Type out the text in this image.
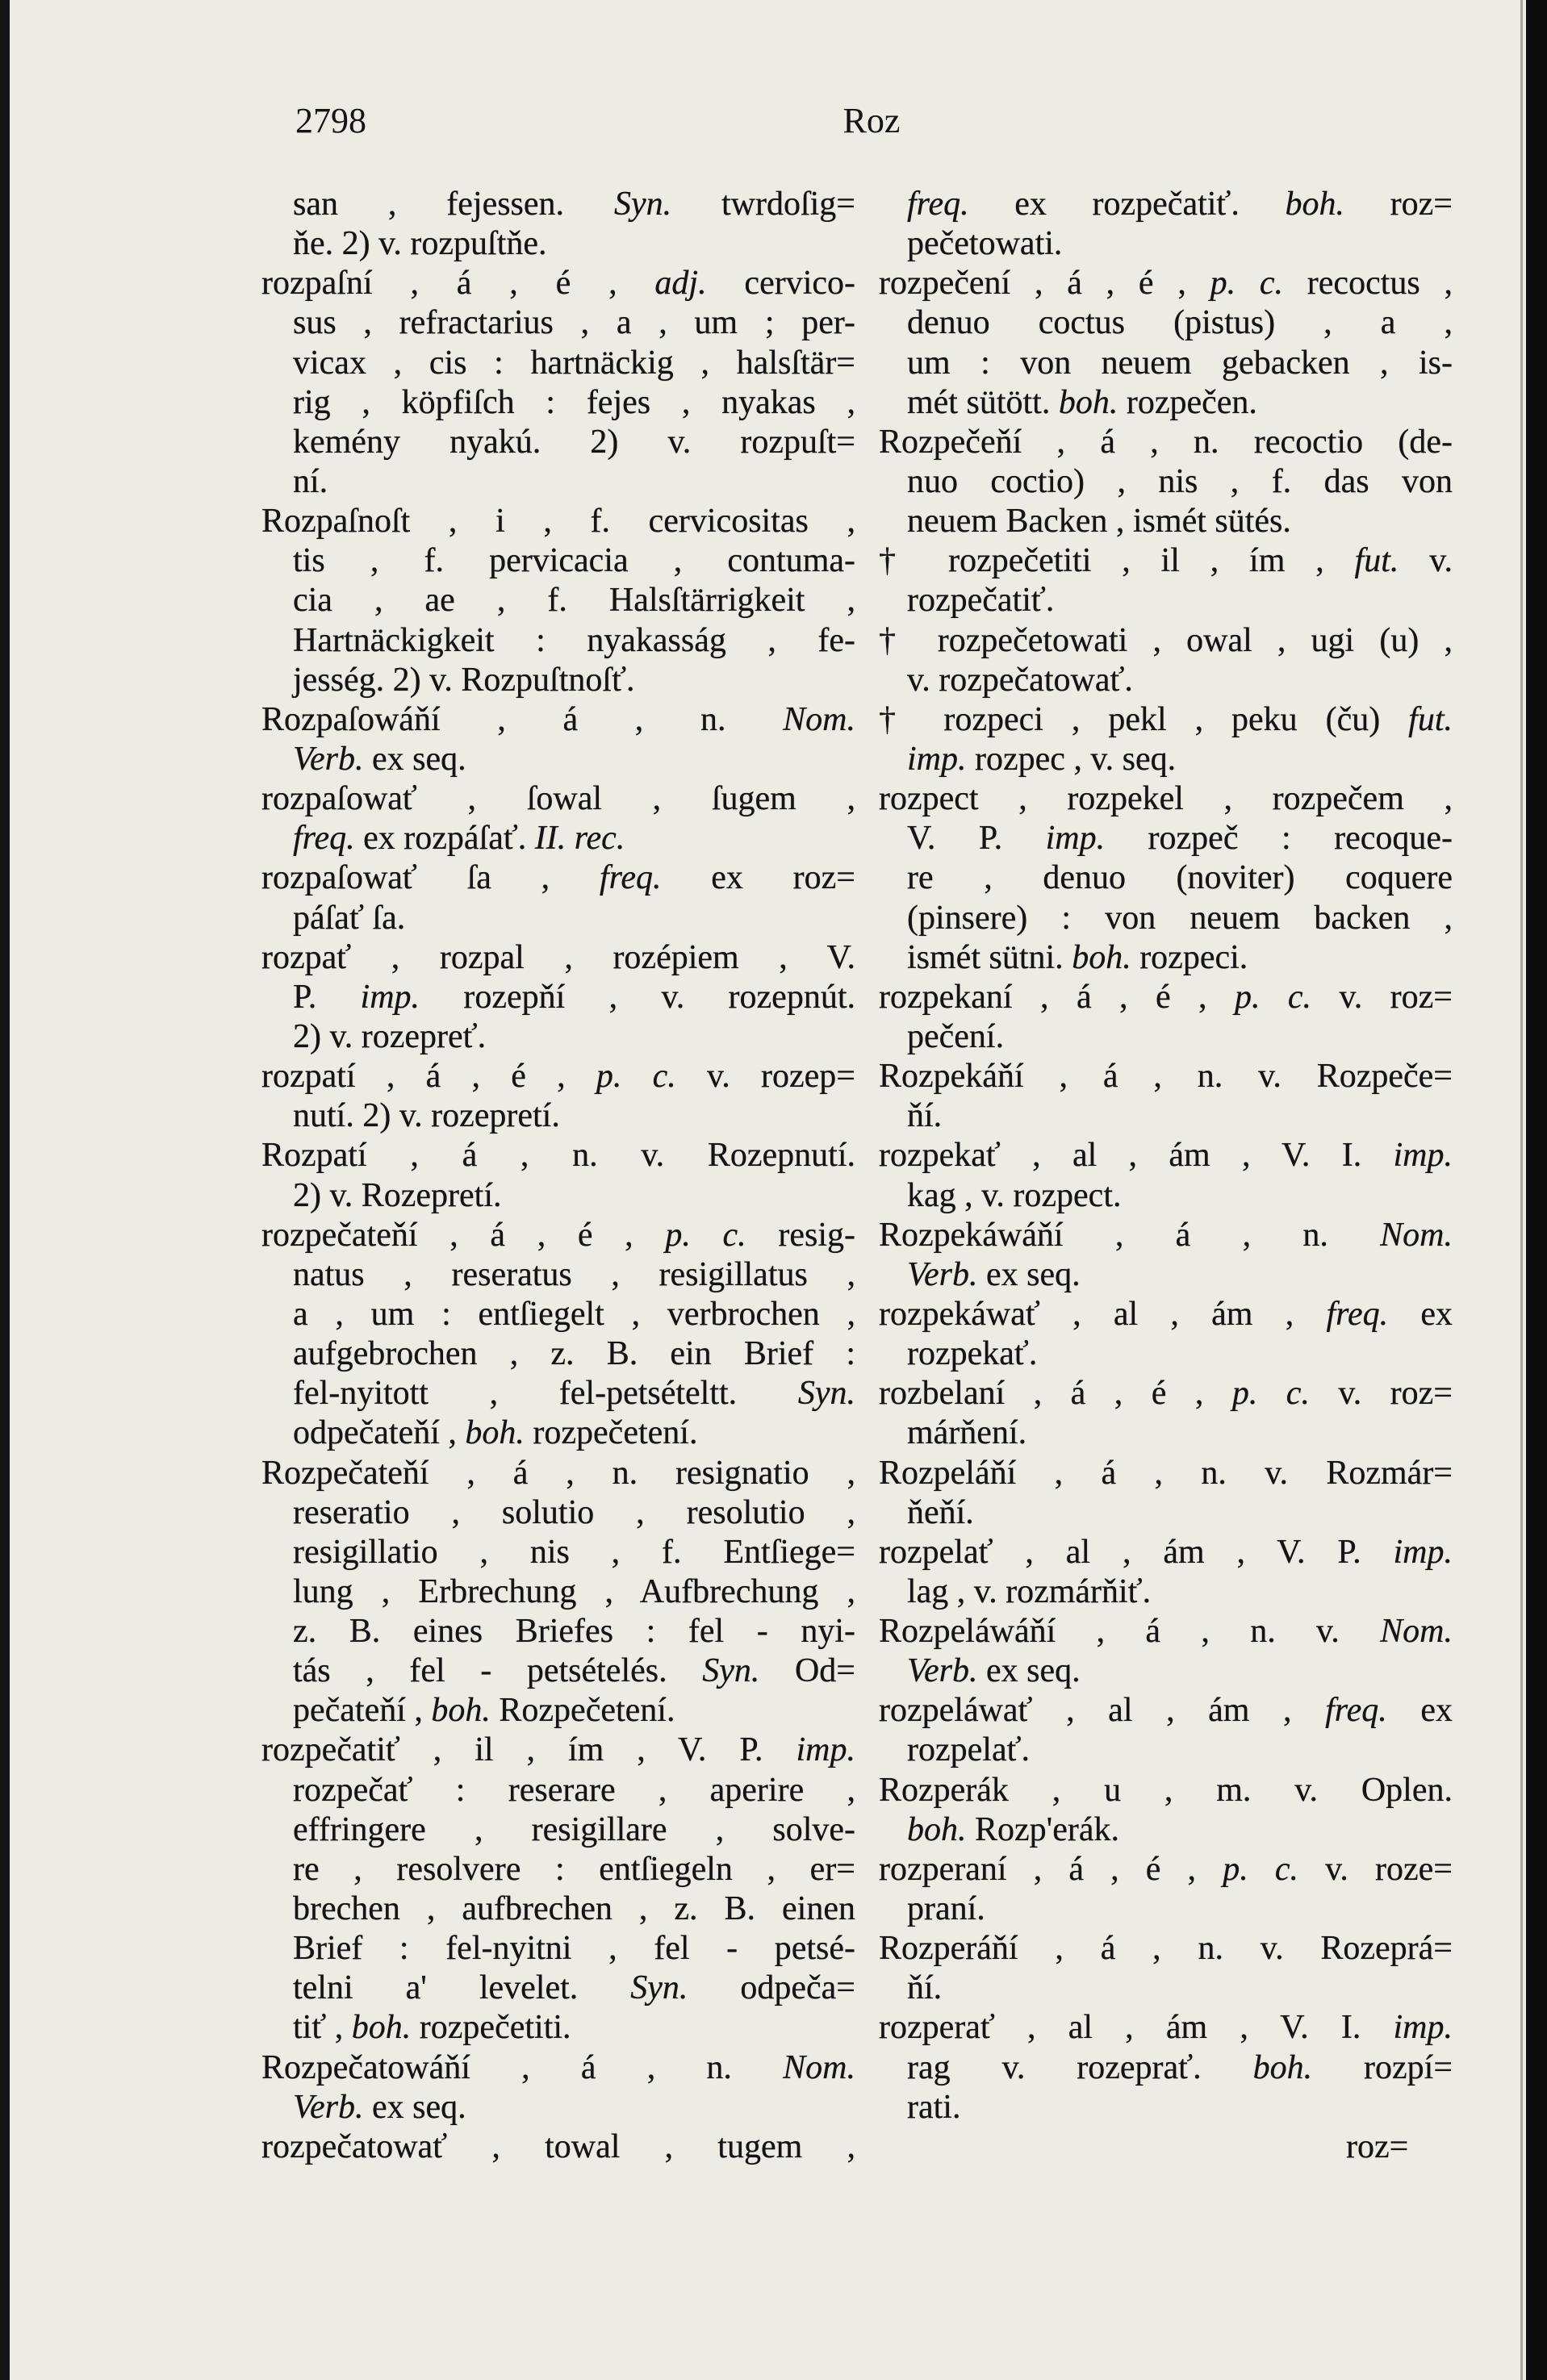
2798	Roz
san , fejessen. Syn. twrdoſig=
ňe. 2) v. rozpuſtňe.
rozpaſní , á , é , adj. cervico-
sus , refractarius , a , um ; per-
vicax , cis : hartnäckig , halsſtär=
rig , köpfiſch : fejes , nyakas ,
kemény nyakú. 2) v. rozpuſt=
ní.
Rozpaſnoſt , i , f. cervicositas ,
tis , f. pervicacia , contuma-
cia , ae , f. Halsſtärrigkeit ,
Hartnäckigkeit : nyakasság , fe-
jesség. 2) v. Rozpuſtnoſť.
Rozpaſowáňí , á , n. Nom.
Verb. ex seq.
rozpaſowať , ſowal , ſugem ,
freq. ex rozpáſať. II. rec.
rozpaſowať ſa , freq. ex roz=
páſať ſa.
rozpať , rozpal , rozépiem , V.
P. imp. rozepňí , v. rozepnút.
2) v. rozepreť.
rozpatí , á , é , p. c. v. rozep=
nutí. 2) v. rozepretí.
Rozpatí , á , n. v. Rozepnutí.
2) v. Rozepretí.
rozpečateňí , á , é , p. c. resig-
natus , reseratus , resigillatus ,
a , um : entſiegelt , verbrochen ,
aufgebrochen , z. B. ein Brief :
fel-nyitott , fel-petsételtt. Syn.
odpečateňí , boh. rozpečetení.
Rozpečateňí , á , n. resignatio ,
reseratio , solutio , resolutio ,
resigillatio , nis , f. Entſiege=
lung , Erbrechung , Aufbrechung ,
z. B. eines Briefes : fel - nyi-
tás , fel - petsételés. Syn. Od=
pečateňí , boh. Rozpečetení.
rozpečatiť , il , ím , V. P. imp.
rozpečať : reserare , aperire ,
effringere , resigillare , solve-
re , resolvere : entſiegeln , er=
brechen , aufbrechen , z. B. einen
Brief : fel-nyitni , fel - petsé-
telni a' levelet. Syn. odpeča=
tiť , boh. rozpečetiti.
Rozpečatowáňí , á , n. Nom.
Verb. ex seq.
rozpečatowať , towal , tugem ,
freq. ex rozpečatiť. boh. roz=
pečetowati.
rozpečení , á , é , p. c. recoctus ,
denuo coctus (pistus) , a ,
um : von neuem gebacken , is-
mét sütött. boh. rozpečen.
Rozpečeňí , á , n. recoctio (de-
nuo coctio) , nis , f. das von
neuem Backen , ismét sütés.
† rozpečetiti , il , ím , fut. v.
rozpečatiť.
† rozpečetowati , owal , ugi (u) ,
v. rozpečatowať.
† rozpeci , pekl , peku (ču) fut.
imp. rozpec , v. seq.
rozpect , rozpekel , rozpečem ,
V. P. imp. rozpeč : recoque-
re , denuo (noviter) coquere
(pinsere) : von neuem backen ,
ismét sütni. boh. rozpeci.
rozpekaní , á , é , p. c. v. roz=
pečení.
Rozpekáňí , á , n. v. Rozpeče=
ňí.
rozpekať , al , ám , V. I. imp.
kag , v. rozpect.
Rozpekáwáňí , á , n. Nom.
Verb. ex seq.
rozpekáwať , al , ám , freq. ex
rozpekať.
rozbelaní , á , é , p. c. v. roz=
márňení.
Rozpeláňí , á , n. v. Rozmár=
ňeňí.
rozpelať , al , ám , V. P. imp.
lag , v. rozmárňiť.
Rozpeláwáňí , á , n. v. Nom.
Verb. ex seq.
rozpeláwať , al , ám , freq. ex
rozpelať.
Rozperák , u , m. v. Oplen.
boh. Rozp'erák.
rozperaní , á , é , p. c. v. roze=
praní.
Rozperáňí , á , n. v. Rozeprá=
ňí.
rozperať , al , ám , V. I. imp.
rag v. rozeprať. boh. rozpí=
rati.
roz=
